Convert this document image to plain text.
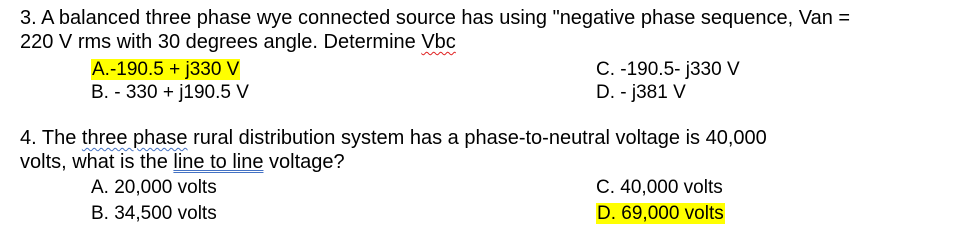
3. A balanced three phase wye connected source has using "negative phase sequence, Van =
220 V rms with 30 degrees angle. Determine Vbc
A.-190.5 + j330 V
B. - 330 + j190.5 V
C. -190.5- j330 V
D. - j381 V
4. The three phase rural distribution system has a phase-to-neutral voltage is 40,000
volts, what is the line to line voltage?
A. 20,000 volts
B. 34,500 volts
C. 40,000 volts
D. 69,000 volts
